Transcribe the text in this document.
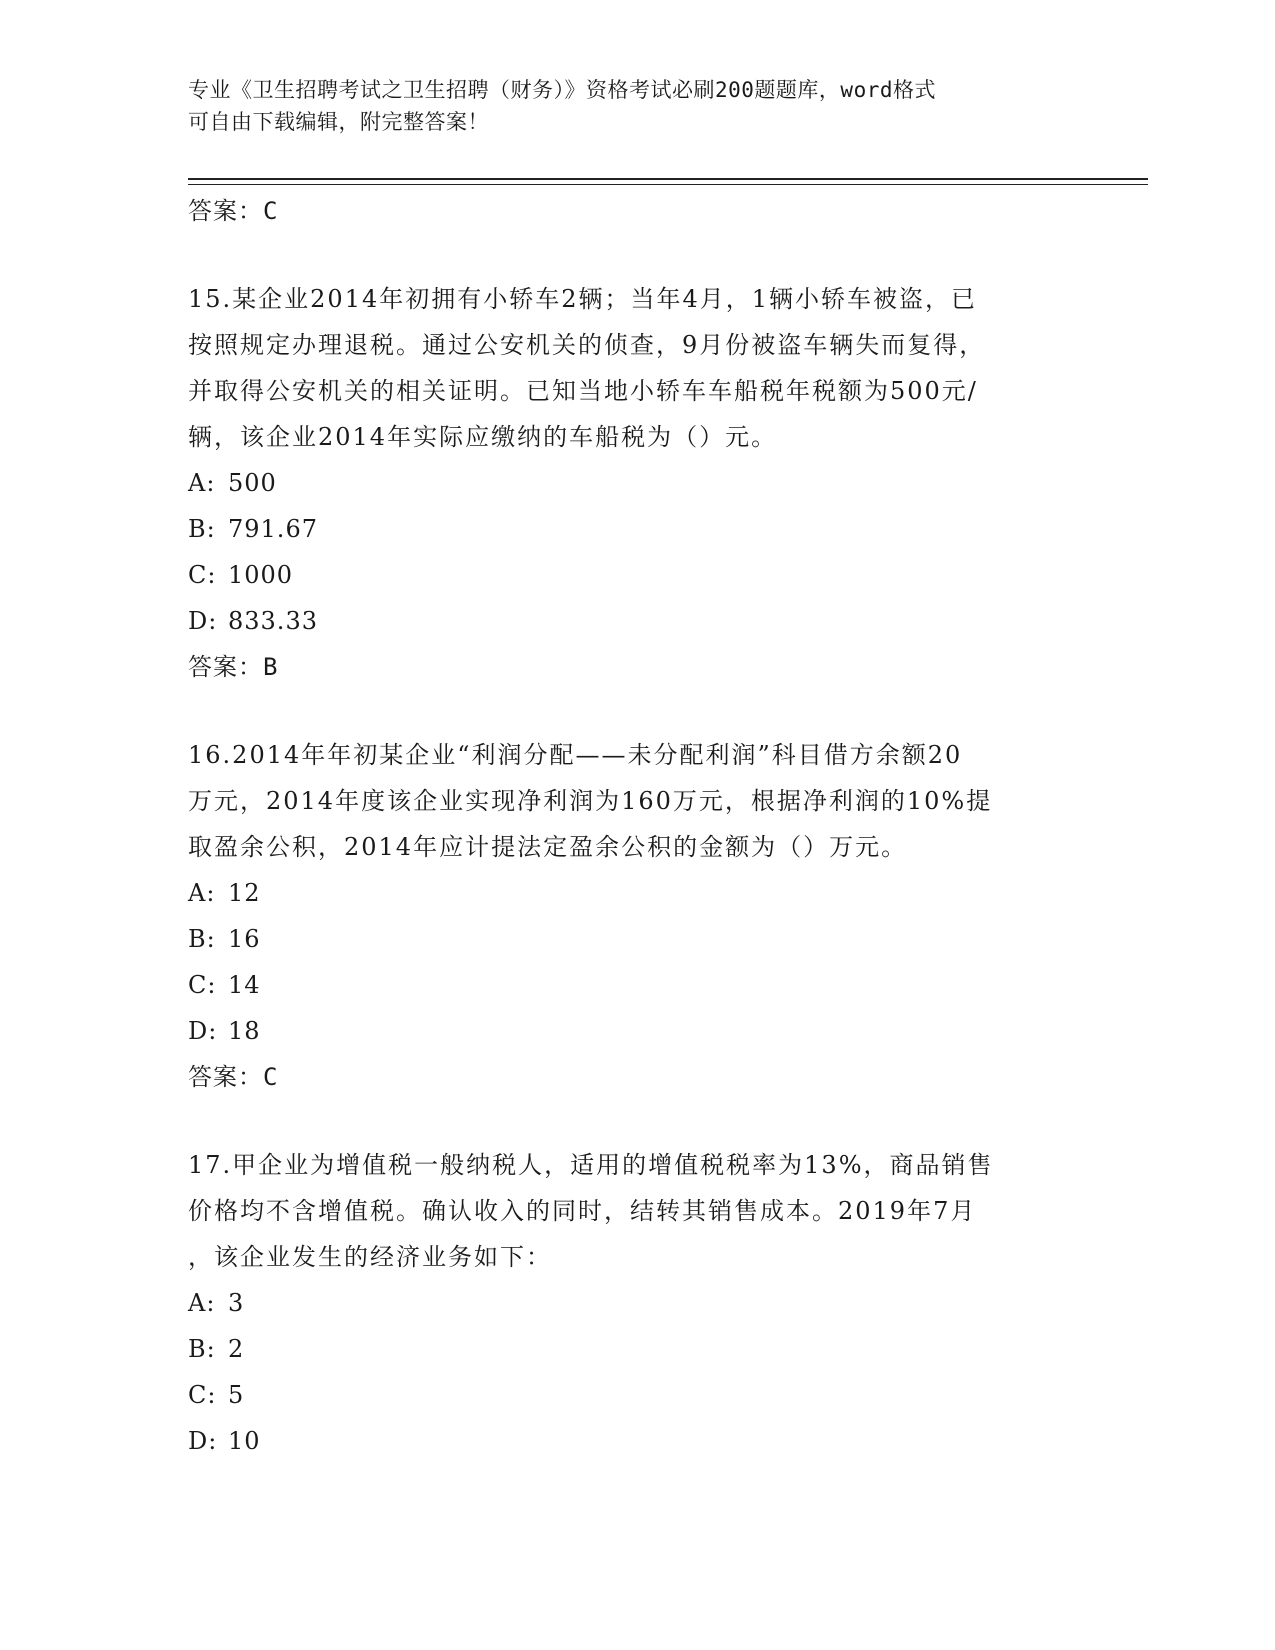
专业《卫生招聘考试之卫生招聘（财务）》资格考试必刷200题题库，word格式
可自由下载编辑，附完整答案！
答案：C
15.某企业2014年初拥有小轿车2辆；当年4月，1辆小轿车被盗，已
按照规定办理退税。通过公安机关的侦查，9月份被盗车辆失而复得，
并取得公安机关的相关证明。已知当地小轿车车船税年税额为500元/
辆，该企业2014年实际应缴纳的车船税为（）元。
A: 500
B: 791.67
C: 1000
D: 833.33
答案：B
16.2014年年初某企业“利润分配——未分配利润”科目借方余额20
万元，2014年度该企业实现净利润为160万元，根据净利润的10%提
取盈余公积，2014年应计提法定盈余公积的金额为（）万元。
A: 12
B: 16
C: 14
D: 18
答案：C
17.甲企业为增值税一般纳税人，适用的增值税税率为13%，商品销售
价格均不含增值税。确认收入的同时，结转其销售成本。2019年7月
，该企业发生的经济业务如下：
A: 3
B: 2
C: 5
D: 10
